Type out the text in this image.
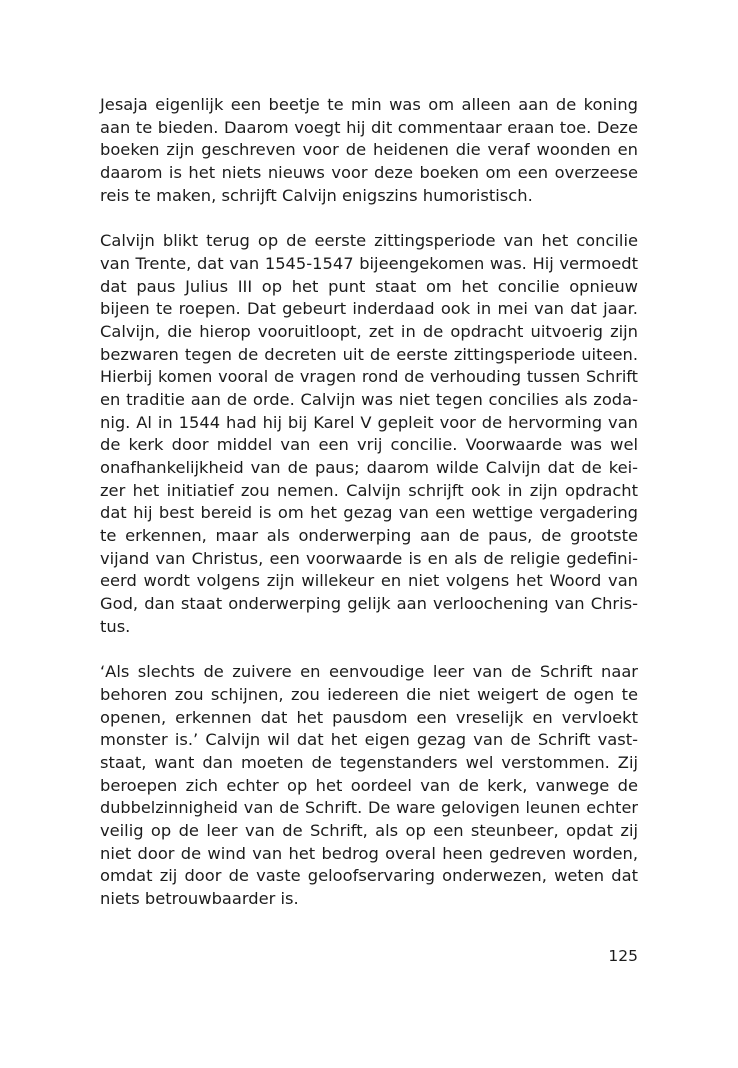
Jesaja eigenlijk een beetje te min was om alleen aan de koning
aan te bieden. Daarom voegt hij dit commentaar eraan toe. Deze
boeken zijn geschreven voor de heidenen die veraf woonden en
daarom is het niets nieuws voor deze boeken om een overzeese
reis te maken, schrijft Calvijn enigszins humoristisch.
Calvijn blikt terug op de eerste zittingsperiode van het concilie
van Trente, dat van 1545-1547 bijeengekomen was. Hij vermoedt
dat paus Julius III op het punt staat om het concilie opnieuw
bijeen te roepen. Dat gebeurt inderdaad ook in mei van dat jaar.
Calvijn, die hierop vooruitloopt, zet in de opdracht uitvoerig zijn
bezwaren tegen de decreten uit de eerste zittingsperiode uiteen.
Hierbij komen vooral de vragen rond de verhouding tussen Schrift
en traditie aan de orde. Calvijn was niet tegen concilies als zoda-
nig. Al in 1544 had hij bij Karel V gepleit voor de hervorming van
de kerk door middel van een vrij concilie. Voorwaarde was wel
onafhankelijkheid van de paus; daarom wilde Calvijn dat de kei-
zer het initiatief zou nemen. Calvijn schrijft ook in zijn opdracht
dat hij best bereid is om het gezag van een wettige vergadering
te erkennen, maar als onderwerping aan de paus, de grootste
vijand van Christus, een voorwaarde is en als de religie gedefini-
eerd wordt volgens zijn willekeur en niet volgens het Woord van
God, dan staat onderwerping gelijk aan verloochening van Chris-
tus.
‘Als slechts de zuivere en eenvoudige leer van de Schrift naar
behoren zou schijnen, zou iedereen die niet weigert de ogen te
openen, erkennen dat het pausdom een vreselijk en vervloekt
monster is.’ Calvijn wil dat het eigen gezag van de Schrift vast-
staat, want dan moeten de tegenstanders wel verstommen. Zij
beroepen zich echter op het oordeel van de kerk, vanwege de
dubbelzinnigheid van de Schrift. De ware gelovigen leunen echter
veilig op de leer van de Schrift, als op een steunbeer, opdat zij
niet door de wind van het bedrog overal heen gedreven worden,
omdat zij door de vaste geloofservaring onderwezen, weten dat
niets betrouwbaarder is.
125
